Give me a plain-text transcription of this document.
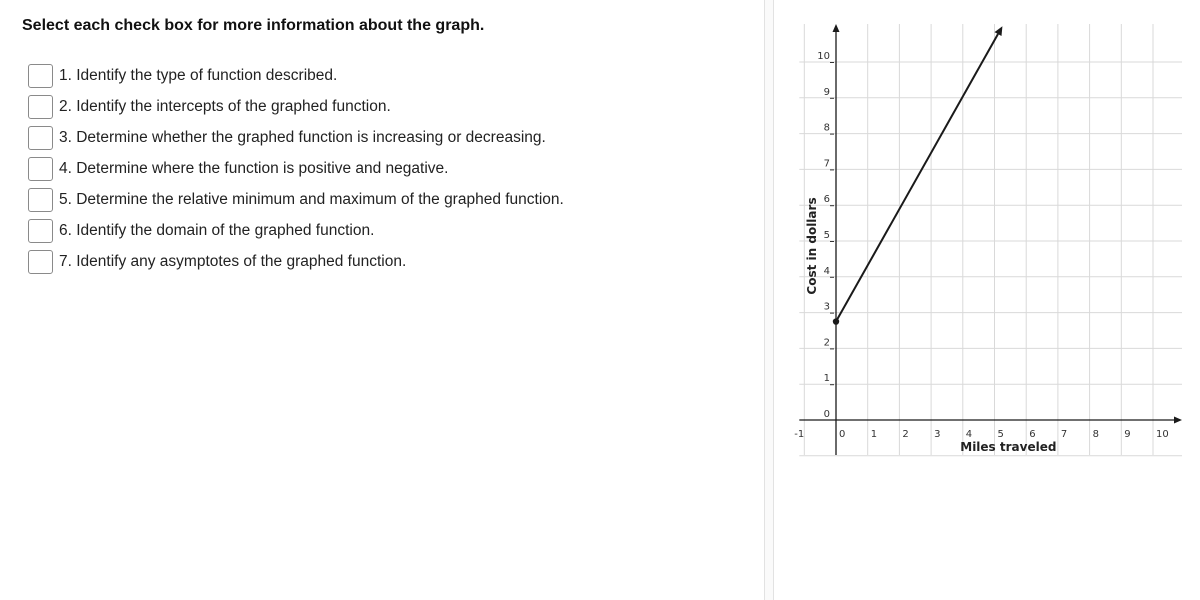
Select each check box for more information about the graph.
1. Identify the type of function described.
2. Identify the intercepts of the graphed function.
3. Determine whether the graphed function is increasing or decreasing.
4. Determine where the function is positive and negative.
5. Determine the relative minimum and maximum of the graphed function.
6. Identify the domain of the graphed function.
7. Identify any asymptotes of the graphed function.
-1	0	1	2	3	4	5	6	7	8	9	10
0
1
2
3
4
5
6
7
8
9
10
Miles traveled
Cost in dollars
